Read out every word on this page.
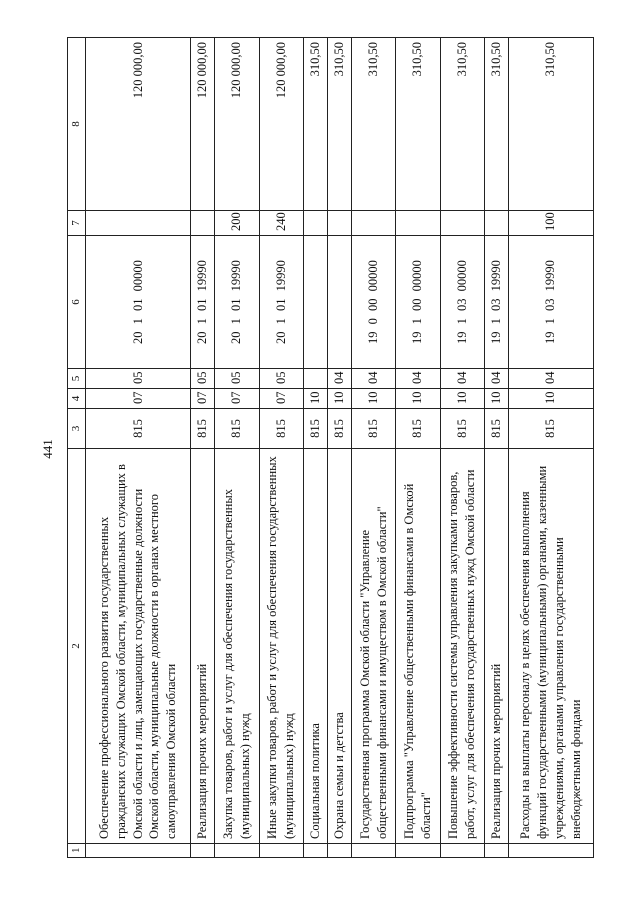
441
1	2	3	4	5	6	7	8
	Обеспечение профессионального развития государственных гражданских служащих Омской области, муниципальных служащих в Омской области и лиц, замещающих государственные должности Омской области, муниципальные должности в органах местного самоуправления Омской области	815	07	05	20 1 01 00000		120 000,00
	Реализация прочих мероприятий	815	07	05	20 1 01 19990		120 000,00
	Закупка товаров, работ и услуг для обеспечения государственных (муниципальных) нужд	815	07	05	20 1 01 19990	200	120 000,00
	Иные закупки товаров, работ и услуг для обеспечения государственных (муниципальных) нужд	815	07	05	20 1 01 19990	240	120 000,00
	Социальная политика	815	10				310,50
	Охрана семьи и детства	815	10	04			310,50
	Государственная программа Омской области "Управление общественными финансами и имуществом в Омской области"	815	10	04	19 0 00 00000		310,50
	Подпрограмма "Управление общественными финансами в Омской области"	815	10	04	19 1 00 00000		310,50
	Повышение эффективности системы управления закупками товаров, работ, услуг для обеспечения государственных нужд Омской области	815	10	04	19 1 03 00000		310,50
	Реализация прочих мероприятий	815	10	04	19 1 03 19990		310,50
	Расходы на выплаты персоналу в целях обеспечения выполнения функций государственными (муниципальными) органами, казенными учреждениями, органами управления государственными внебюджетными фондами	815	10	04	19 1 03 19990	100	310,50
